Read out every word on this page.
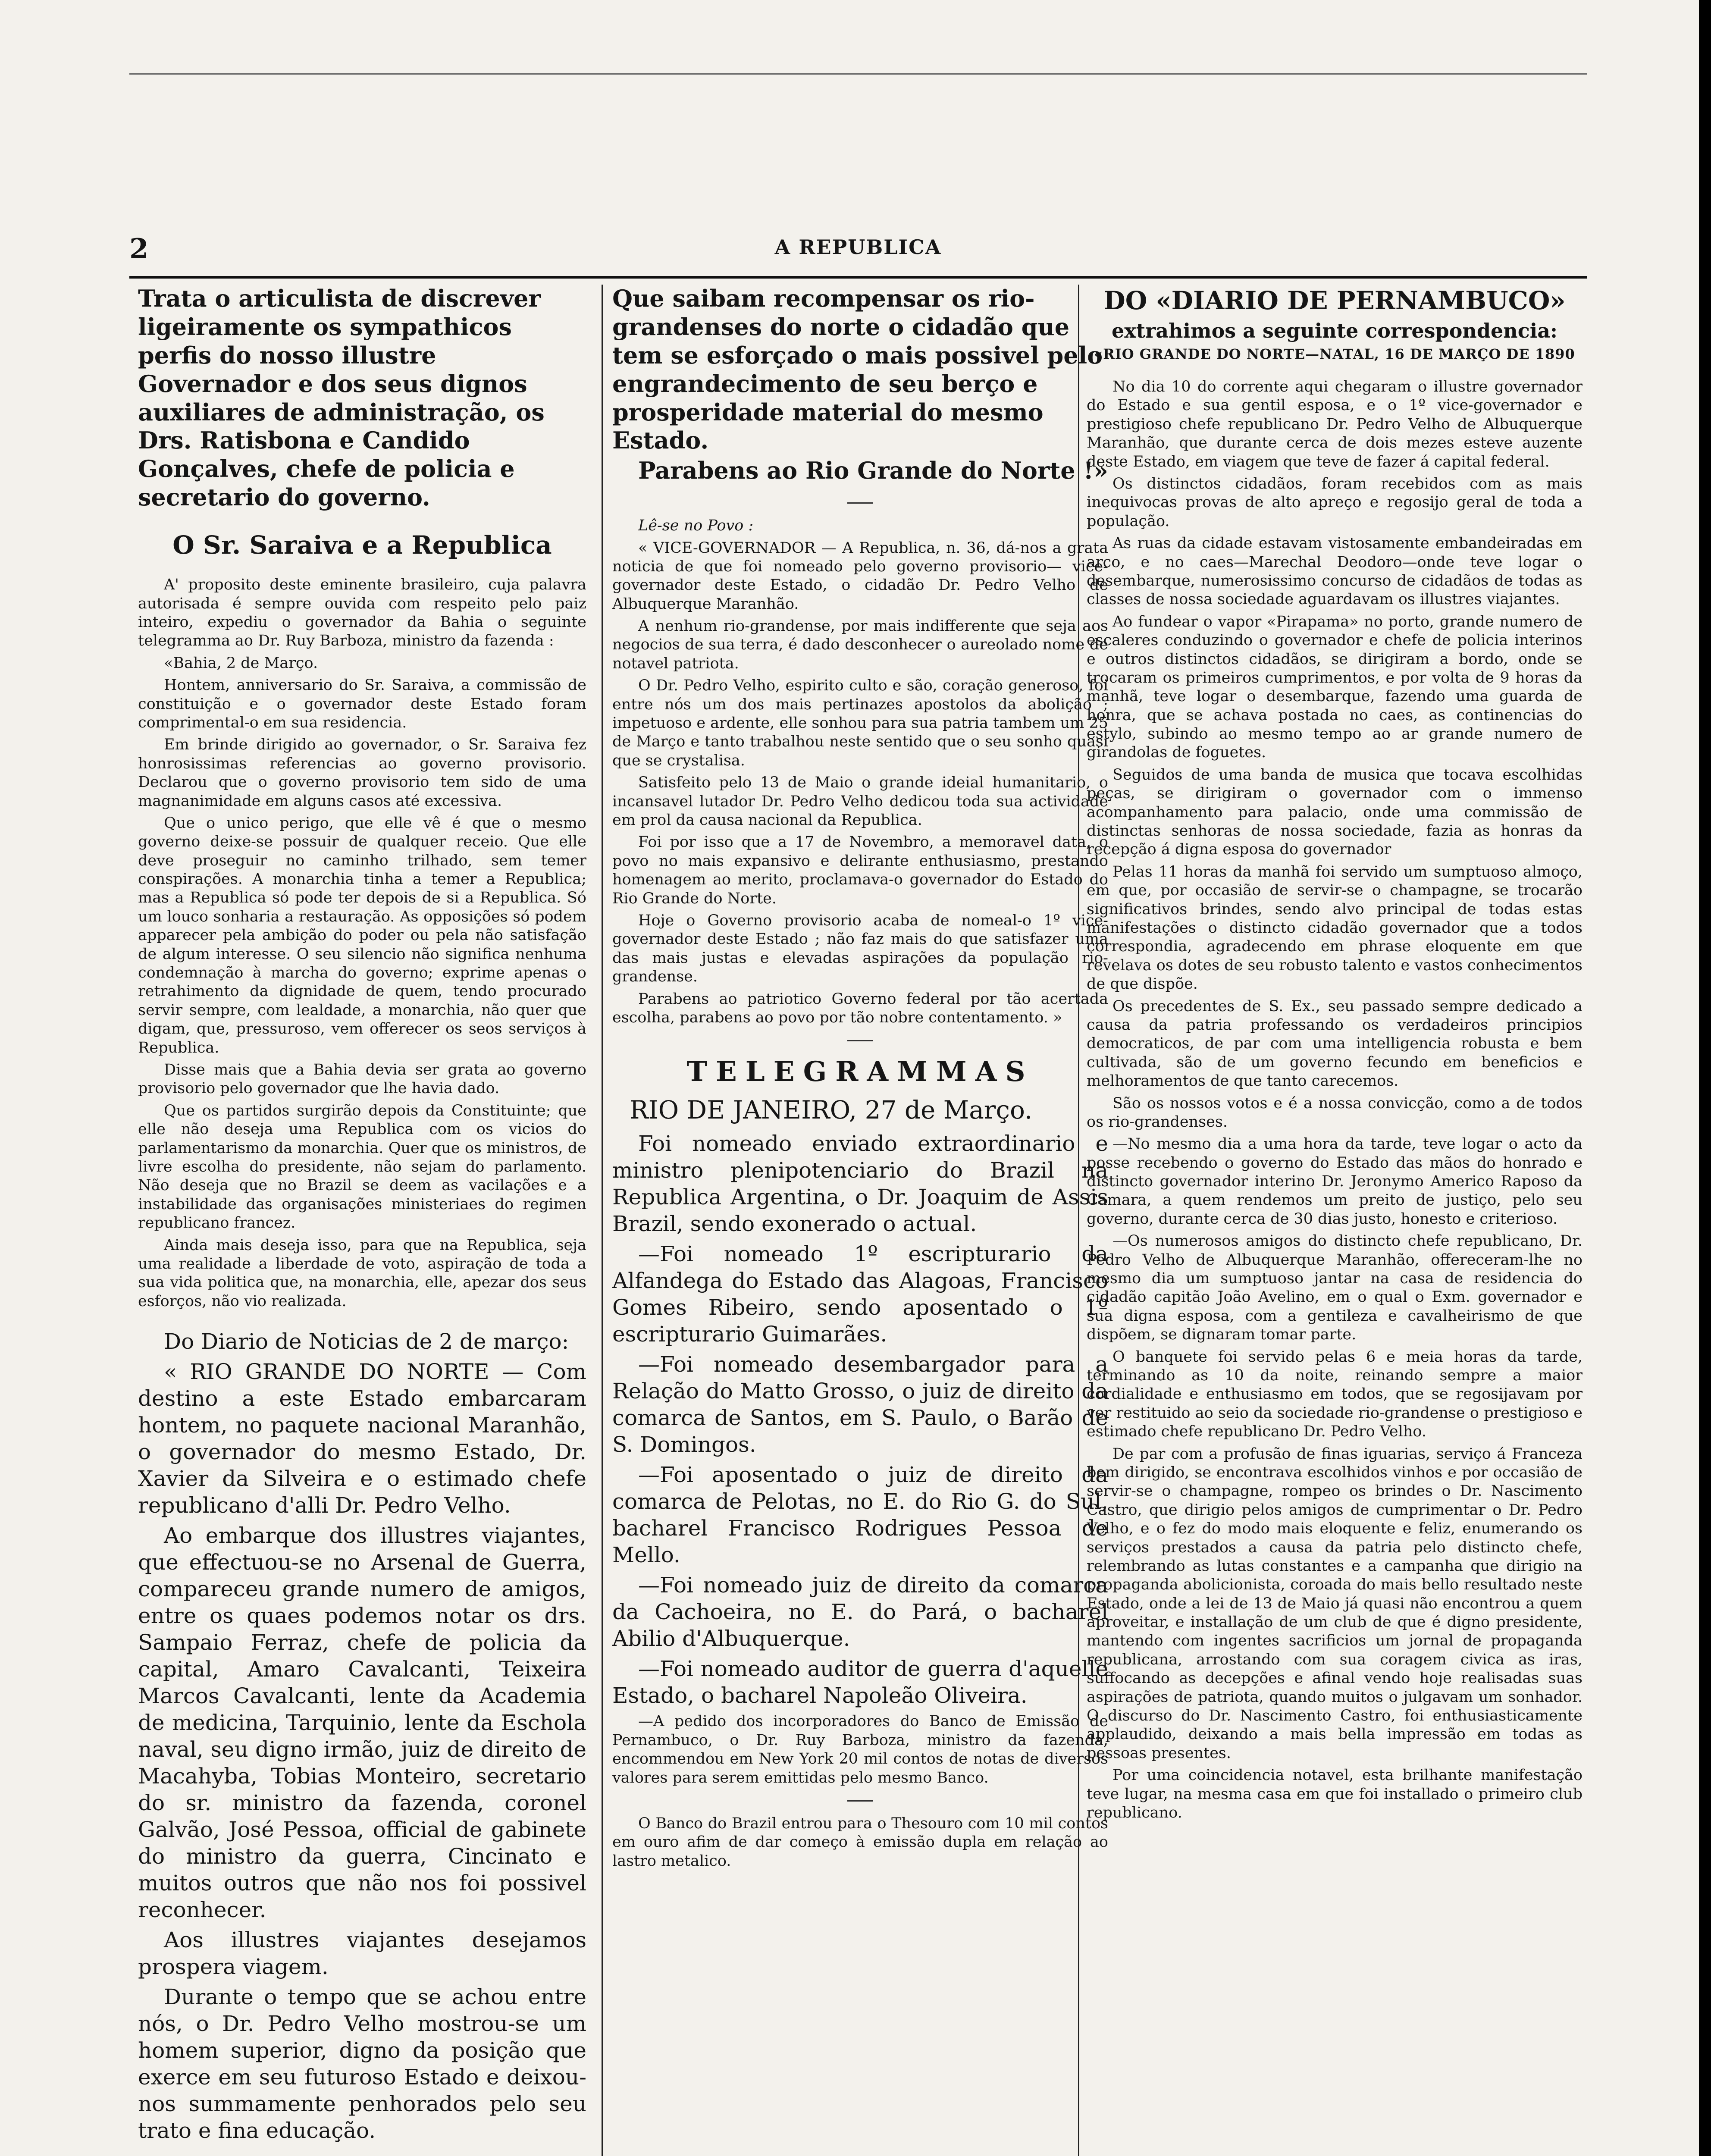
2	A REPUBLICA
Trata o articulista de discrever ligeiramente os sympathicos perfis do nosso illustre Governador e dos seus dignos auxiliares de administração, os Drs. Ratisbona e Candido Gonçalves, chefe de policia e secretario do governo.
O Sr. Saraiva e a Republica

A' proposito deste eminente brasileiro, cuja palavra autorisada é sempre ouvida com respeito pelo paiz inteiro, expediu o governador da Bahia o seguinte telegramma ao Dr. Ruy Barboza, ministro da fazenda :

«Bahia, 2 de Março.

Hontem, anniversario do Sr. Saraiva, a commissão de constituição e o governador deste Estado foram comprimental-o em sua residencia.

Em brinde dirigido ao governador, o Sr. Saraiva fez honrosissimas referencias ao governo provisorio. Declarou que o governo provisorio tem sido de uma magnanimidade em alguns casos até excessiva.

Que o unico perigo, que elle vê é que o mesmo governo deixe-se possuir de qualquer receio. Que elle deve proseguir no caminho trilhado, sem temer conspirações. A monarchia tinha a temer a Republica; mas a Republica só pode ter depois de si a Republica. Só um louco sonharia a restauração. As opposições só podem apparecer pela ambição do poder ou pela não satisfação de algum interesse. O seu silencio não significa nenhuma condemnação à marcha do governo; exprime apenas o retrahimento da dignidade de quem, tendo procurado servir sempre, com lealdade, a monarchia, não quer que digam, que, pressuroso, vem offerecer os seos serviços à Republica.

Disse mais que a Bahia devia ser grata ao governo provisorio pelo governador que lhe havia dado.

Que os partidos surgirão depois da Constituinte; que elle não deseja uma Republica com os vicios do parlamentarismo da monarchia. Quer que os ministros, de livre escolha do presidente, não sejam do parlamento. Não deseja que no Brazil se deem as vacilações e a instabilidade das organisações ministeriaes do regimen republicano francez.

Ainda mais deseja isso, para que na Republica, seja uma realidade a liberdade de voto, aspiração de toda a sua vida politica que, na monarchia, elle, apezar dos seus esforços, não vio realizada.

Do Diario de Noticias de 2 de março:

« RIO GRANDE DO NORTE — Com destino a este Estado embarcaram hontem, no paquete nacional Maranhão, o governador do mesmo Estado, Dr. Xavier da Silveira e o estimado chefe republicano d'alli Dr. Pedro Velho.

Ao embarque dos illustres viajantes, que effectuou-se no Arsenal de Guerra, compareceu grande numero de amigos, entre os quaes podemos notar os drs. Sampaio Ferraz, chefe de policia da capital, Amaro Cavalcanti, Teixeira Marcos Cavalcanti, lente da Academia de medicina, Tarquinio, lente da Eschola naval, seu digno irmão, juiz de direito de Macahyba, Tobias Monteiro, secretario do sr. ministro da fazenda, coronel Galvão, José Pessoa, official de gabinete do ministro da guerra, Cincinato e muitos outros que não nos foi possivel reconhecer.

Aos illustres viajantes desejamos prospera viagem.

Durante o tempo que se achou entre nós, o Dr. Pedro Velho mostrou-se um homem superior, digno da posição que exerce em seu futuroso Estado e deixou-nos summamente penhorados pelo seu trato e fina educação.

Que saibam recompensar os rio-grandenses do norte o cidadão que tem se esforçado o mais possivel pelo engrandecimento de seu berço e prosperidade material do mesmo Estado.
Parabens ao Rio Grande do Norte !»

Lê-se no Povo :

« VICE-GOVERNADOR — A Republica, n. 36, dá-nos a grata noticia de que foi nomeado pelo governo provisorio— vice-governador deste Estado, o cidadão Dr. Pedro Velho de Albuquerque Maranhão.

A nenhum rio-grandense, por mais indifferente que seja aos negocios de sua terra, é dado desconhecer o aureolado nome de notavel patriota.

O Dr. Pedro Velho, espirito culto e são, coração generoso, foi entre nós um dos mais pertinazes apostolos da abolição ; impetuoso e ardente, elle sonhou para sua patria tambem um 25 de Março e tanto trabalhou neste sentido que o seu sonho quasi que se crystalisa.

Satisfeito pelo 13 de Maio o grande ideial humanitario, o incansavel lutador Dr. Pedro Velho dedicou toda sua actividade em prol da causa nacional da Republica.

Foi por isso que a 17 de Novembro, a memoravel data, o povo no mais expansivo e delirante enthusiasmo, prestando homenagem ao merito, proclamava-o governador do Estado do Rio Grande do Norte.

Hoje o Governo provisorio acaba de nomeal-o 1º vice-governador deste Estado ; não faz mais do que satisfazer uma das mais justas e elevadas aspirações da população rio-grandense.

Parabens ao patriotico Governo federal por tão acertada escolha, parabens ao povo por tão nobre contentamento. »

TELEGRAMMAS
RIO DE JANEIRO, 27 de Março.

Foi nomeado enviado extraordinario e ministro plenipotenciario do Brazil na Republica Argentina, o Dr. Joaquim de Assis Brazil, sendo exonerado o actual.

—Foi nomeado 1º escripturario da Alfandega do Estado das Alagoas, Francisco Gomes Ribeiro, sendo aposentado o 1º escripturario Guimarães.

—Foi nomeado desembargador para a Relação do Matto Grosso, o juiz de direito da comarca de Santos, em S. Paulo, o Barão de S. Domingos.

—Foi aposentado o juiz de direito da comarca de Pelotas, no E. do Rio G. do Sul, bacharel Francisco Rodrigues Pessoa de Mello.

—Foi nomeado juiz de direito da comarca da Cachoeira, no E. do Pará, o bacharel Abilio d'Albuquerque.

—Foi nomeado auditor de guerra d'aquelle Estado, o bacharel Napoleão Oliveira.

—A pedido dos incorporadores do Banco de Emissão de Pernambuco, o Dr. Ruy Barboza, ministro da fazenda, encommendou em New York 20 mil contos de notas de diversos valores para serem emittidas pelo mesmo Banco.

O Banco do Brazil entrou para o Thesouro com 10 mil contos em ouro afim de dar começo à emissão dupla em relação ao lastro metalico.

DO «DIARIO DE PERNAMBUCO»
extrahimos a seguinte correspondencia:
«RIO GRANDE DO NORTE—NATAL, 16 DE MARÇO DE 1890

No dia 10 do corrente aqui chegaram o illustre governador do Estado e sua gentil esposa, e o 1º vice-governador e prestigioso chefe republicano Dr. Pedro Velho de Albuquerque Maranhão, que durante cerca de dois mezes esteve auzente deste Estado, em viagem que teve de fazer á capital federal.

Os distinctos cidadãos, foram recebidos com as mais inequivocas provas de alto apreço e regosijo geral de toda a população.

As ruas da cidade estavam vistosamente embandeiradas em arco, e no caes—Marechal Deodoro—onde teve logar o desembarque, numerosissimo concurso de cidadãos de todas as classes de nossa sociedade aguardavam os illustres viajantes.

Ao fundear o vapor «Pirapama» no porto, grande numero de escaleres conduzindo o governador e chefe de policia interinos e outros distinctos cidadãos, se dirigiram a bordo, onde se trocaram os primeiros cumprimentos, e por volta de 9 horas da manhã, teve logar o desembarque, fazendo uma guarda de honra, que se achava postada no caes, as continencias do estylo, subindo ao mesmo tempo ao ar grande numero de girandolas de foguetes.

Seguidos de uma banda de musica que tocava escolhidas peças, se dirigiram o governador com o immenso acompanhamento para palacio, onde uma commissão de distinctas senhoras de nossa sociedade, fazia as honras da recepção á digna esposa do governador

Pelas 11 horas da manhã foi servido um sumptuoso almoço, em que, por occasião de servir-se o champagne, se trocarão significativos brindes, sendo alvo principal de todas estas manifestações o distincto cidadão governador que a todos correspondia, agradecendo em phrase eloquente em que revelava os dotes de seu robusto talento e vastos conhecimentos de que dispõe.

Os precedentes de S. Ex., seu passado sempre dedicado a causa da patria professando os verdadeiros principios democraticos, de par com uma intelligencia robusta e bem cultivada, são de um governo fecundo em beneficios e melhoramentos de que tanto carecemos.

São os nossos votos e é a nossa convicção, como a de todos os rio-grandenses.

—No mesmo dia a uma hora da tarde, teve logar o acto da posse recebendo o governo do Estado das mãos do honrado e distincto governador interino Dr. Jeronymo Americo Raposo da Camara, a quem rendemos um preito de justiço, pelo seu governo, durante cerca de 30 dias justo, honesto e criterioso.

—Os numerosos amigos do distincto chefe republicano, Dr. Pedro Velho de Albuquerque Maranhão, offereceram-lhe no mesmo dia um sumptuoso jantar na casa de residencia do cidadão capitão João Avelino, em o qual o Exm. governador e sua digna esposa, com a gentileza e cavalheirismo de que dispõem, se dignaram tomar parte.

O banquete foi servido pelas 6 e meia horas da tarde, terminando as 10 da noite, reinando sempre a maior cordialidade e enthusiasmo em todos, que se regosijavam por ver restituido ao seio da sociedade rio-grandense o prestigioso e estimado chefe republicano Dr. Pedro Velho.

De par com a profusão de finas iguarias, serviço á Franceza bem dirigido, se encontrava escolhidos vinhos e por occasião de servir-se o champagne, rompeo os brindes o Dr. Nascimento Castro, que dirigio pelos amigos de cumprimentar o Dr. Pedro Velho, e o fez do modo mais eloquente e feliz, enumerando os serviços prestados a causa da patria pelo distincto chefe, relembrando as lutas constantes e a campanha que dirigio na propaganda abolicionista, coroada do mais bello resultado neste Estado, onde a lei de 13 de Maio já quasi não encontrou a quem aproveitar, e installação de um club de que é digno presidente, mantendo com ingentes sacrificios um jornal de propaganda republicana, arrostando com sua coragem civica as iras, suffocando as decepções e afinal vendo hoje realisadas suas aspirações de patriota, quando muitos o julgavam um sonhador. O discurso do Dr. Nascimento Castro, foi enthusiasticamente applaudido, deixando a mais bella impressão em todas as pessoas presentes.

Por uma coincidencia notavel, esta brilhante manifestação teve lugar, na mesma casa em que foi installado o primeiro club republicano.
